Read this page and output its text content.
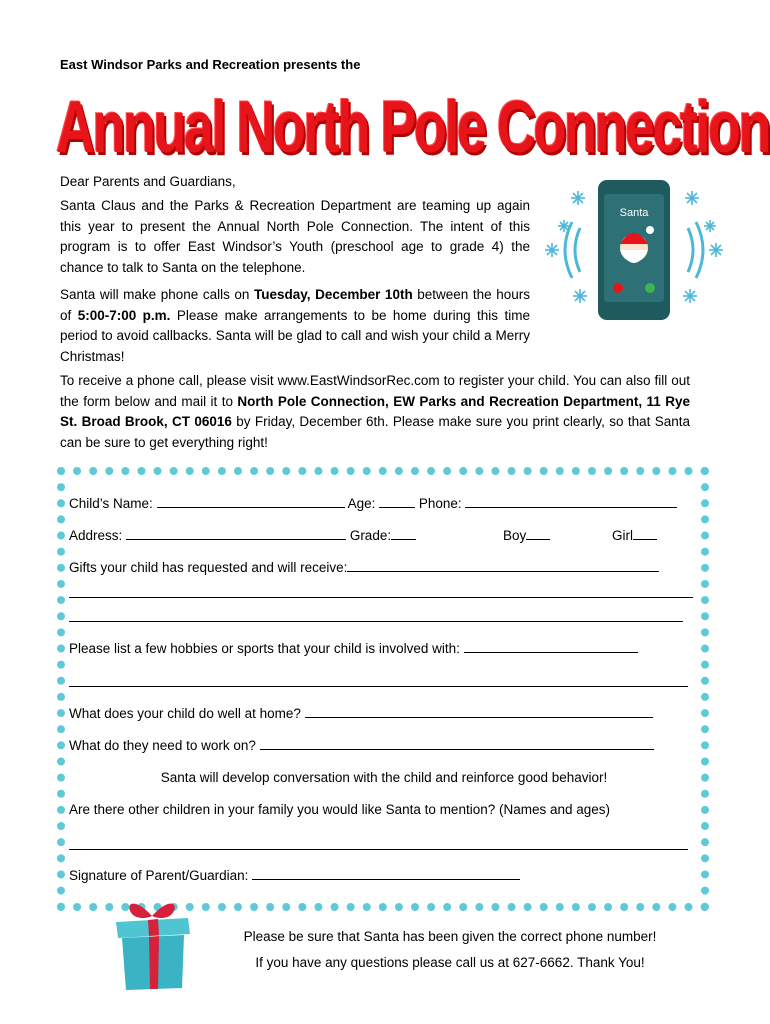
East Windsor Parks and Recreation presents the
Annual North Pole Connection
Dear Parents and Guardians,
Santa Claus and the Parks & Recreation Department are teaming up again this year to present the Annual North Pole Connection. The intent of this program is to offer East Windsor’s Youth (preschool age to grade 4) the chance to talk to Santa on the telephone.
Santa will make phone calls on Tuesday, December 10th between the hours of 5:00-7:00 p.m. Please make arrangements to be home during this time period to avoid callbacks. Santa will be glad to call and wish your child a Merry Christmas!
To receive a phone call, please visit www.EastWindsorRec.com to register your child. You can also fill out the form below and mail it to North Pole Connection, EW Parks and Recreation Department, 11 Rye St. Broad Brook, CT 06016 by Friday, December 6th. Please make sure you print clearly, so that Santa can be sure to get everything right!
Santa
Child’s Name:	Age:	Phone:
Address:	Grade:	Boy	Girl
Gifts your child has requested and will receive:
Please list a few hobbies or sports that your child is involved with:
What does your child do well at home?
What do they need to work on?
Santa will develop conversation with the child and reinforce good behavior!
Are there other children in your family you would like Santa to mention? (Names and ages)
Signature of Parent/Guardian:
Please be sure that Santa has been given the correct phone number!
If you have any questions please call us at 627-6662. Thank You!
